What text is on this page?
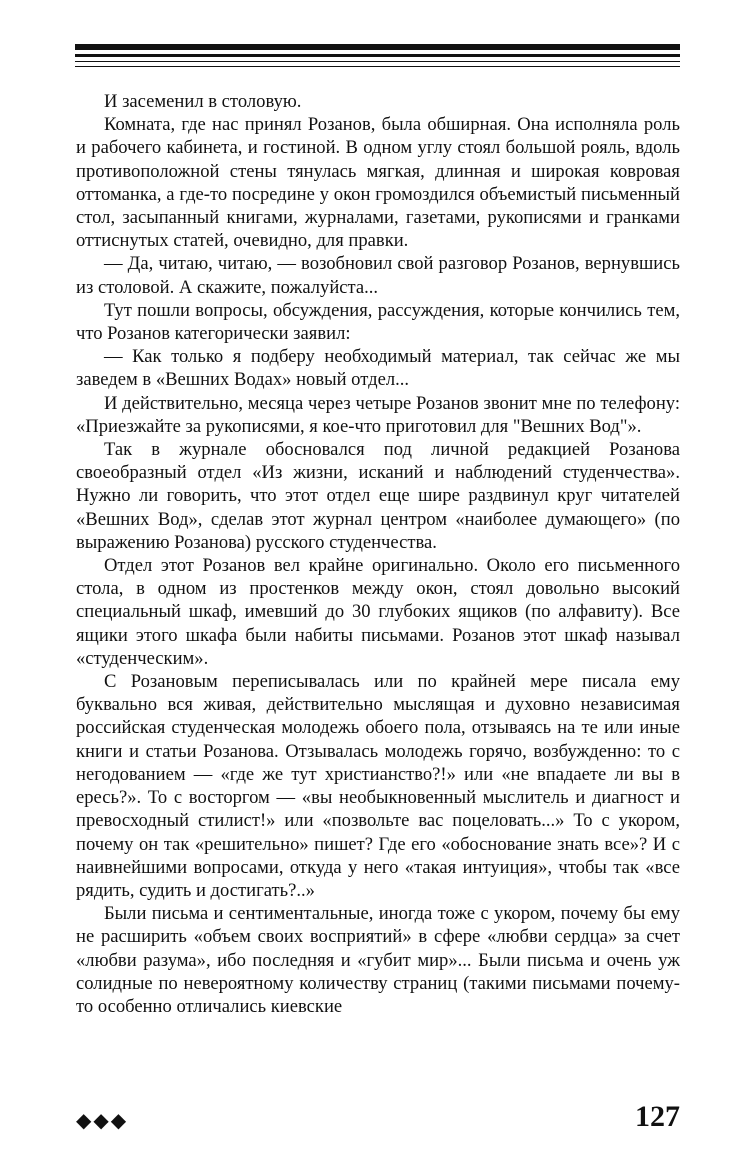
И засеменил в столовую.

Комната, где нас принял Розанов, была обширная. Она исполняла роль и рабочего кабинета, и гостиной. В одном углу стоял большой рояль, вдоль противоположной стены тянулась мягкая, длинная и широкая ковровая оттоманка, а где-то посредине у окон громоздился объемистый письменный стол, засыпанный книгами, журналами, газетами, рукописями и гранками оттиснутых статей, очевидно, для правки.

— Да, читаю, читаю, — возобновил свой разговор Розанов, вернувшись из столовой. А скажите, пожалуйста...

Тут пошли вопросы, обсуждения, рассуждения, которые кончились тем, что Розанов категорически заявил:

— Как только я подберу необходимый материал, так сейчас же мы заведем в «Вешних Водах» новый отдел...

И действительно, месяца через четыре Розанов звонит мне по телефону: «Приезжайте за рукописями, я кое-что приготовил для "Вешних Вод"».

Так в журнале обосновался под личной редакцией Розанова своеобразный отдел «Из жизни, исканий и наблюдений студенчества». Нужно ли говорить, что этот отдел еще шире раздвинул круг читателей «Вешних Вод», сделав этот журнал центром «наиболее думающего» (по выражению Розанова) русского студенчества.

Отдел этот Розанов вел крайне оригинально. Около его письменного стола, в одном из простенков между окон, стоял довольно высокий специальный шкаф, имевший до 30 глубоких ящиков (по алфавиту). Все ящики этого шкафа были набиты письмами. Розанов этот шкаф называл «студенческим».

С Розановым переписывалась или по крайней мере писала ему буквально вся живая, действительно мыслящая и духовно независимая российская студенческая молодежь обоего пола, отзываясь на те или иные книги и статьи Розанова. Отзывалась молодежь горячо, возбужденно: то с негодованием — «где же тут христианство?!» или «не впадаете ли вы в ересь?». То с восторгом — «вы необыкновенный мыслитель и диагност и превосходный стилист!» или «позвольте вас поцеловать...» То с укором, почему он так «решительно» пишет? Где его «обоснование знать все»? И с наивнейшими вопросами, откуда у него «такая интуиция», чтобы так «все рядить, судить и достигать?..»

Были письма и сентиментальные, иногда тоже с укором, почему бы ему не расширить «объем своих восприятий» в сфере «любви сердца» за счет «любви разума», ибо последняя и «губит мир»... Были письма и очень уж солидные по невероятному количеству страниц (такими письмами почему-то особенно отличались киевские

◆◆◆	127
